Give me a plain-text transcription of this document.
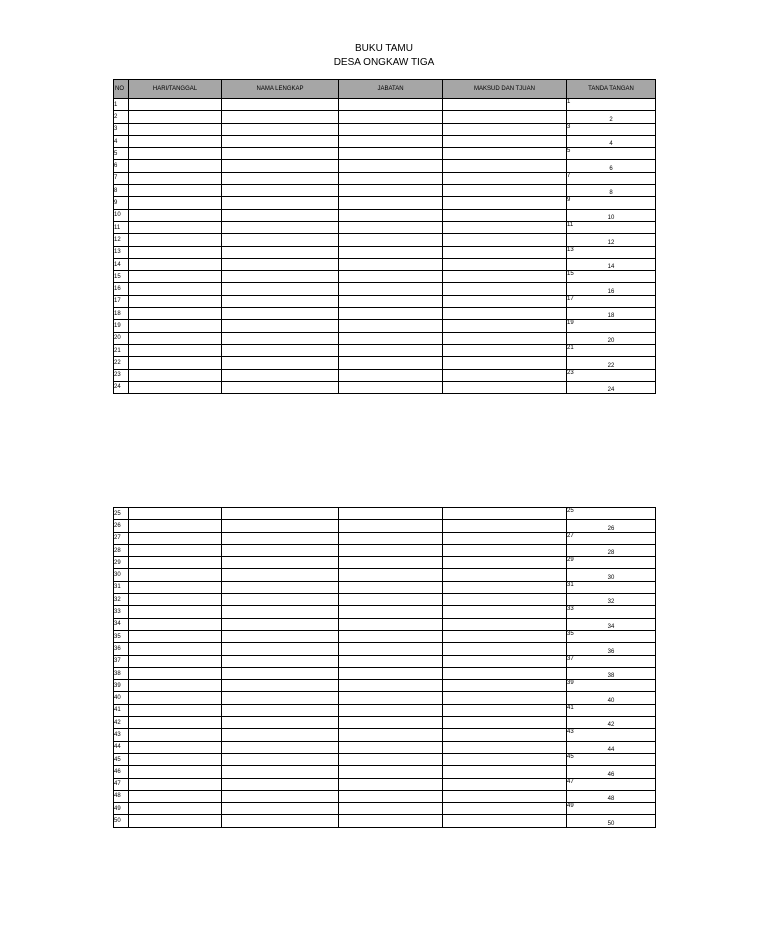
BUKU TAMU
DESA ONGKAW TIGA
NO	HARI/TANGGAL	NAMA LENGKAP	JABATAN	MAKSUD DAN TJUAN	TANDA TANGAN
1					1
2					2
3					3
4					4
5					5
6					6
7					7
8					8
9					9
10					10
11					11
12					12
13					13
14					14
15					15
16					16
17					17
18					18
19					19
20					20
21					21
22					22
23					23
24					24
25					25
26					26
27					27
28					28
29					29
30					30
31					31
32					32
33					33
34					34
35					35
36					36
37					37
38					38
39					39
40					40
41					41
42					42
43					43
44					44
45					45
46					46
47					47
48					48
49					49
50					50
